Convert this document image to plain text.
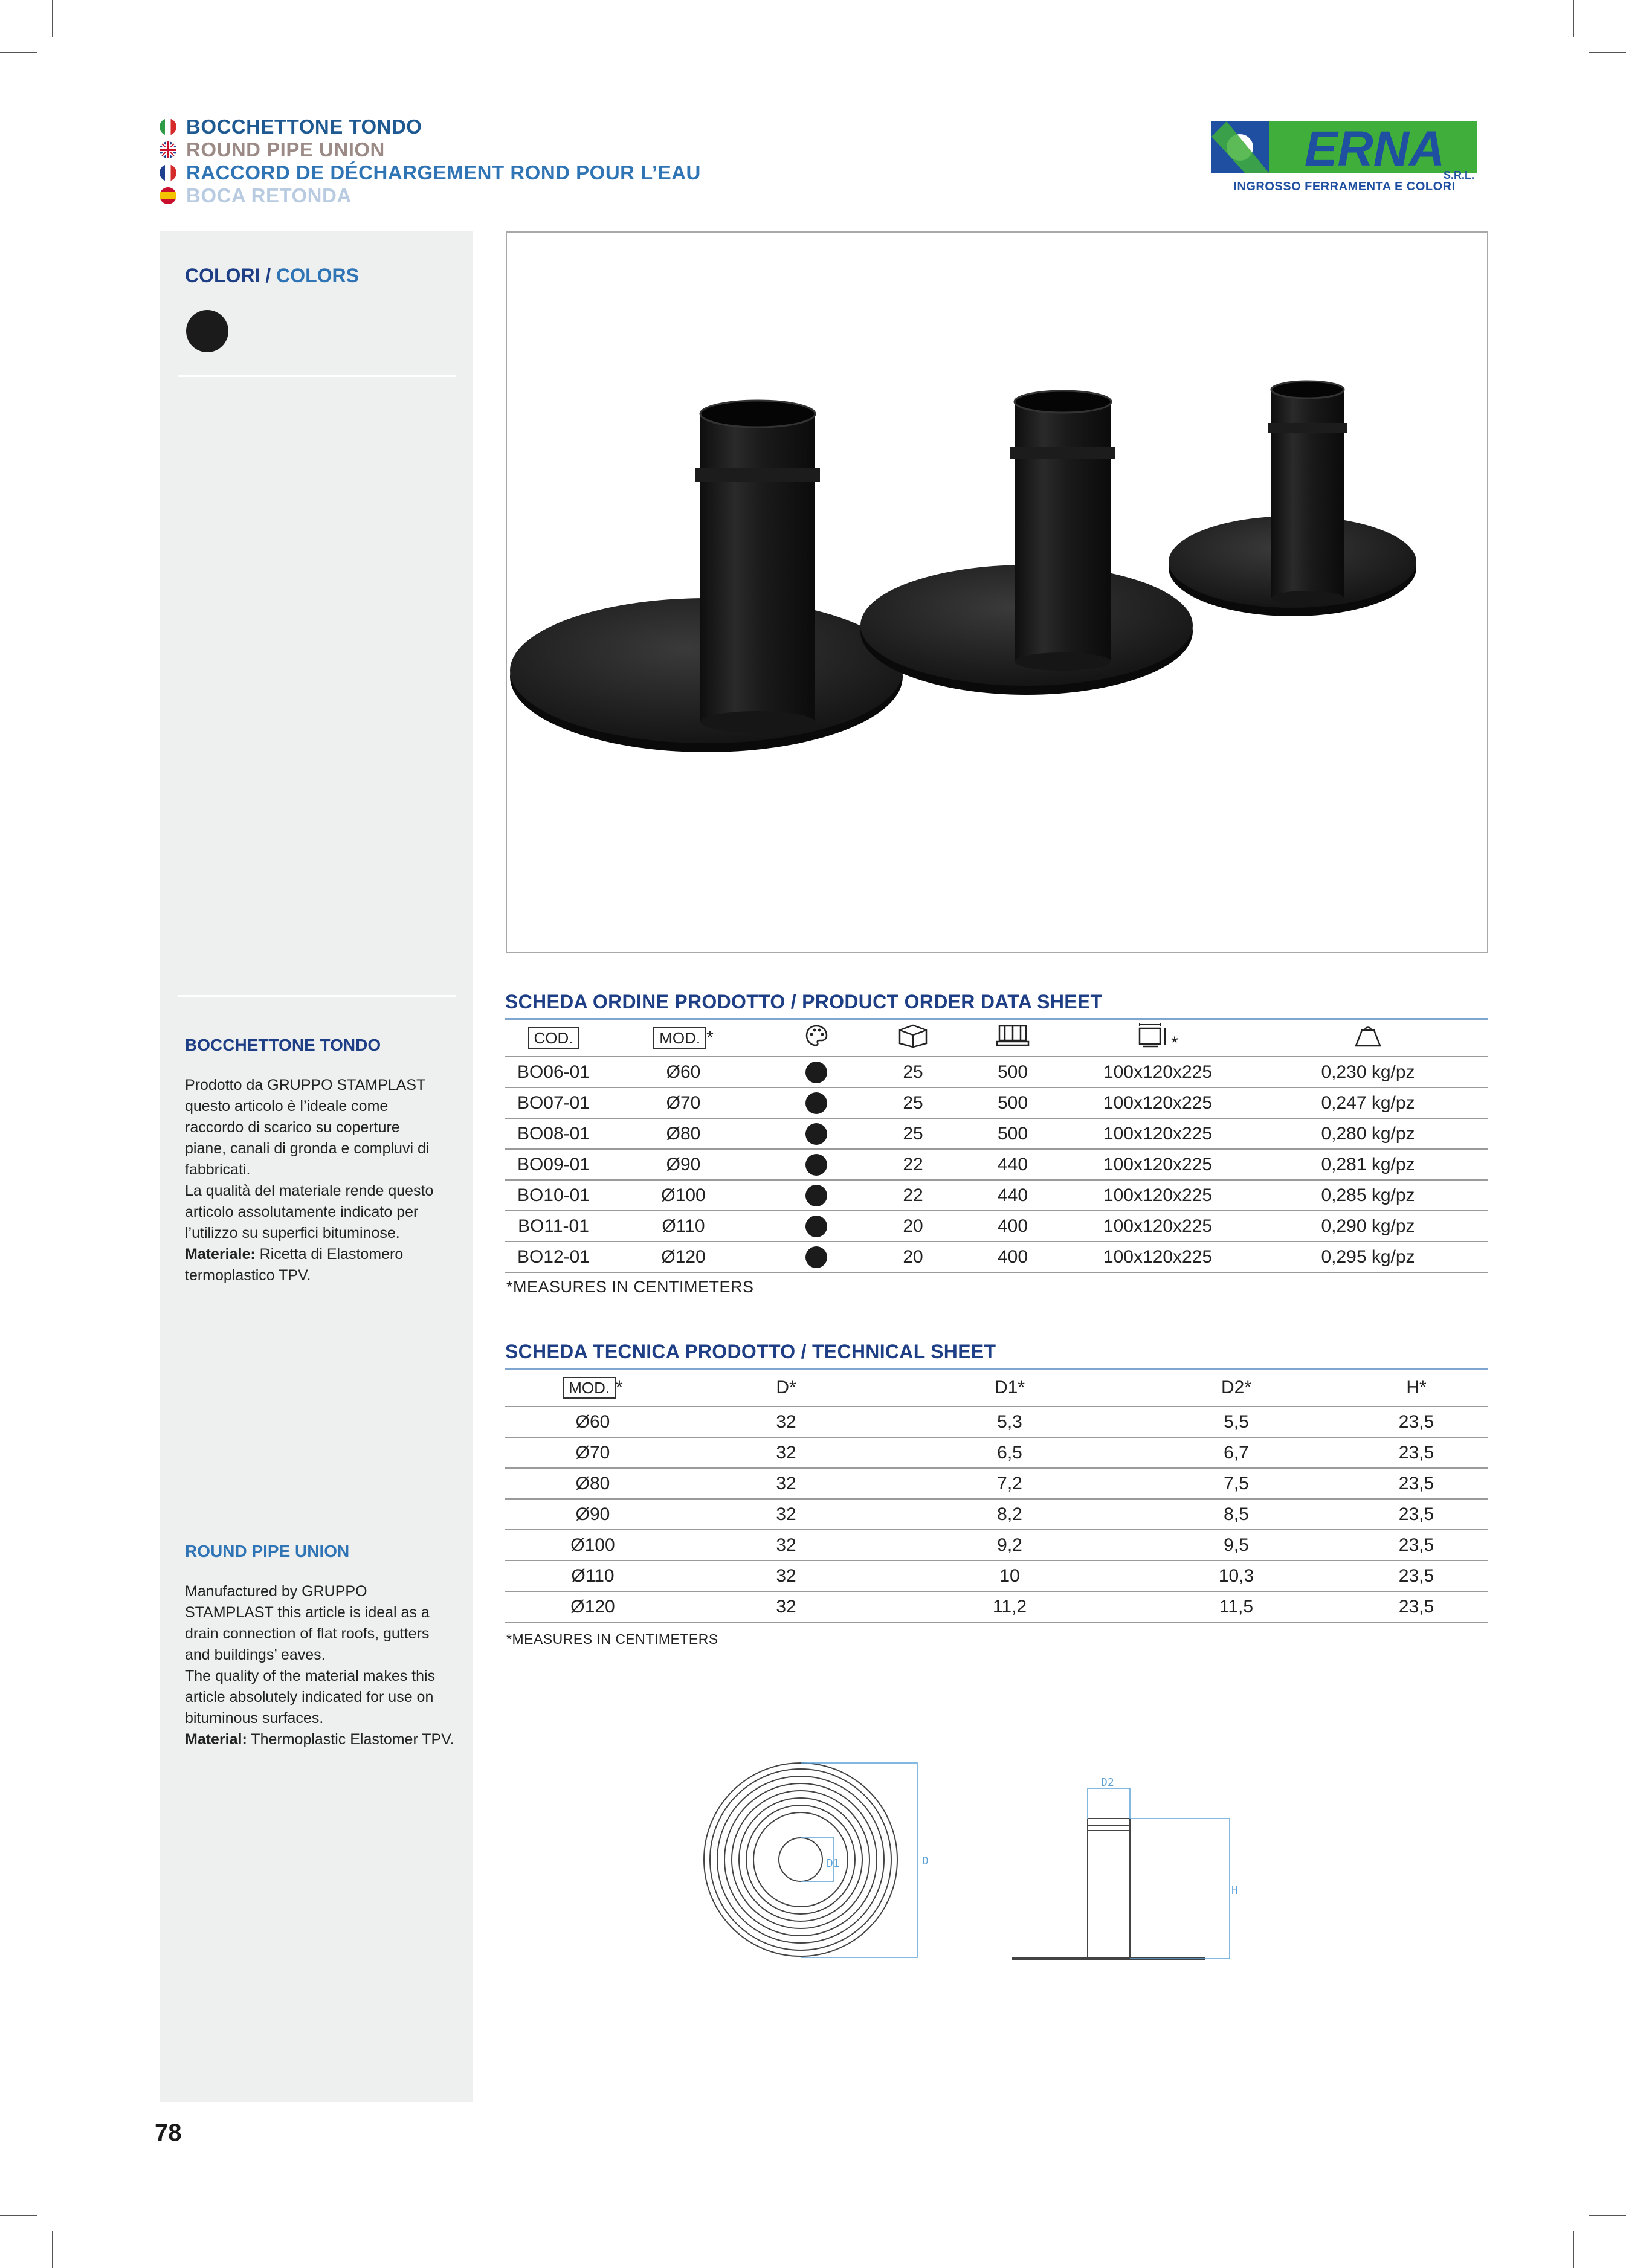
BOCCHETTONE TONDO
ROUND PIPE UNION
RACCORD DE DÉCHARGEMENT ROND POUR L’EAU
BOCA RETONDA
ERNA
S.R.L.
INGROSSO FERRAMENTA E COLORI
COLORI / COLORS
BOCCHETTONE TONDO
Prodotto da GRUPPO STAMPLAST
questo articolo è l’ideale come
raccordo di scarico su coperture
piane, canali di gronda e compluvi di
fabbricati.
La qualità del materiale rende questo
articolo assolutamente indicato per
l’utilizzo su superfici bituminose.
Materiale: Ricetta di Elastomero
termoplastico TPV.
ROUND PIPE UNION
Manufactured by GRUPPO
STAMPLAST this article is ideal as a
drain connection of flat roofs, gutters
and buildings’ eaves.
The quality of the material makes this
article absolutely indicated for use on
bituminous surfaces.
Material: Thermoplastic Elastomer TPV.
SCHEDA ORDINE PRODOTTO / PRODUCT ORDER DATA SHEET
COD.	MOD. *				*	
BO06-01	Ø60		25	500	100x120x225	0,230 kg/pz
BO07-01	Ø70		25	500	100x120x225	0,247 kg/pz
BO08-01	Ø80		25	500	100x120x225	0,280 kg/pz
BO09-01	Ø90		22	440	100x120x225	0,281 kg/pz
BO10-01	Ø100		22	440	100x120x225	0,285 kg/pz
BO11-01	Ø110		20	400	100x120x225	0,290 kg/pz
BO12-01	Ø120		20	400	100x120x225	0,295 kg/pz
*MEASURES IN CENTIMETERS
SCHEDA TECNICA PRODOTTO / TECHNICAL SHEET
MOD. *	D*	D1*	D2*	H*
Ø60	32	5,3	5,5	23,5
Ø70	32	6,5	6,7	23,5
Ø80	32	7,2	7,5	23,5
Ø90	32	8,2	8,5	23,5
Ø100	32	9,2	9,5	23,5
Ø110	32	10	10,3	23,5
Ø120	32	11,2	11,5	23,5
*MEASURES IN CENTIMETERS
D
D1
D2
H
78
